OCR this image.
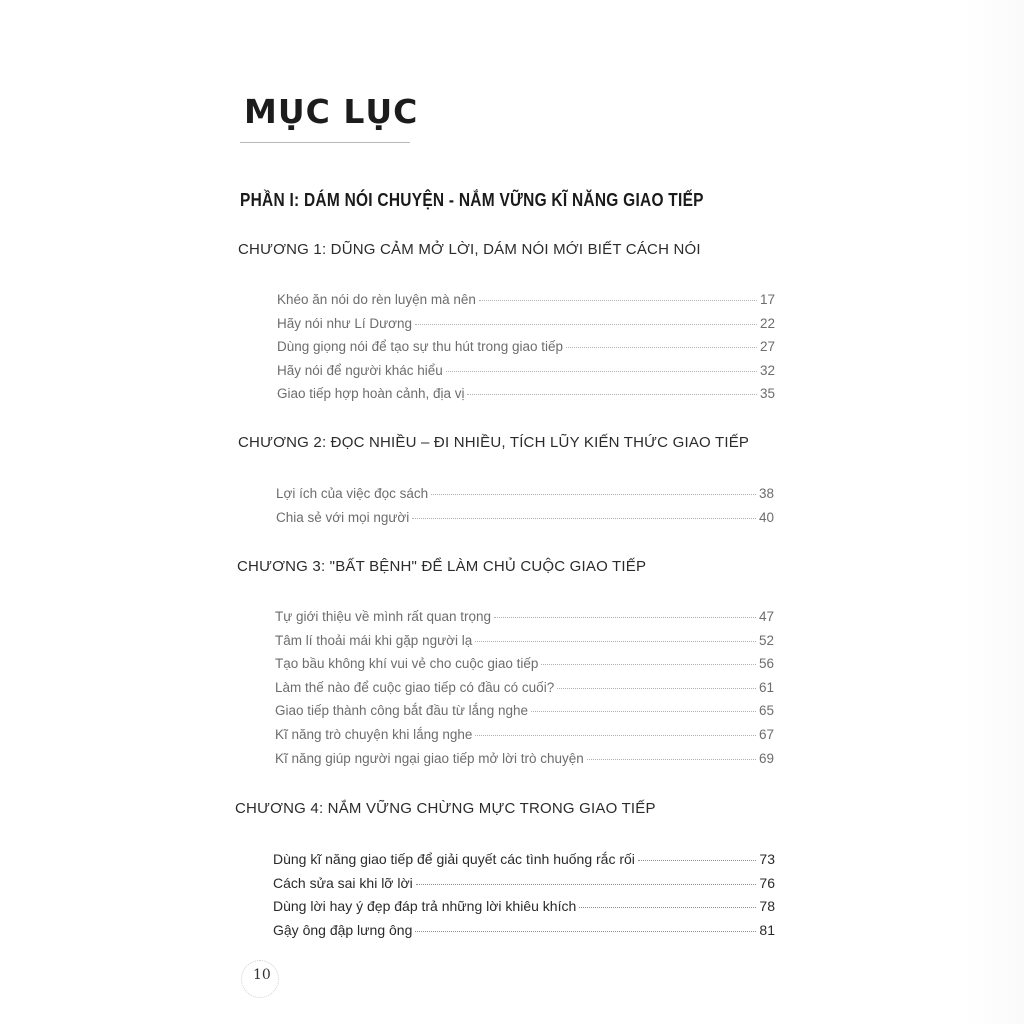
MỤC LỤC
PHẦN I: DÁM NÓI CHUYỆN - NẮM VỮNG KĨ NĂNG GIAO TIẾP
CHƯƠNG 1: DŨNG CẢM MỞ LỜI, DÁM NÓI MỚI BIẾT CÁCH NÓI
Khéo ăn nói do rèn luyện mà nên	17
Hãy nói như Lí Dương	22
Dùng giọng nói để tạo sự thu hút trong giao tiếp	27
Hãy nói để người khác hiểu	32
Giao tiếp hợp hoàn cảnh, địa vị	35
CHƯƠNG 2: ĐỌC NHIỀU – ĐI NHIỀU, TÍCH LŨY KIẾN THỨC GIAO TIẾP
Lợi ích của việc đọc sách	38
Chia sẻ với mọi người	40
CHƯƠNG 3: "BẤT BỆNH" ĐỂ LÀM CHỦ CUỘC GIAO TIẾP
Tự giới thiệu về mình rất quan trọng	47
Tâm lí thoải mái khi gặp người lạ	52
Tạo bầu không khí vui vẻ cho cuộc giao tiếp	56
Làm thế nào để cuộc giao tiếp có đầu có cuối?	61
Giao tiếp thành công bắt đầu từ lắng nghe	65
Kĩ năng trò chuyện khi lắng nghe	67
Kĩ năng giúp người ngại giao tiếp mở lời trò chuyện	69
CHƯƠNG 4: NẮM VỮNG CHỪNG MỰC TRONG GIAO TIẾP
Dùng kĩ năng giao tiếp để giải quyết các tình huống rắc rối	73
Cách sửa sai khi lỡ lời	76
Dùng lời hay ý đẹp đáp trả những lời khiêu khích	78
Gậy ông đập lưng ông	81
10
